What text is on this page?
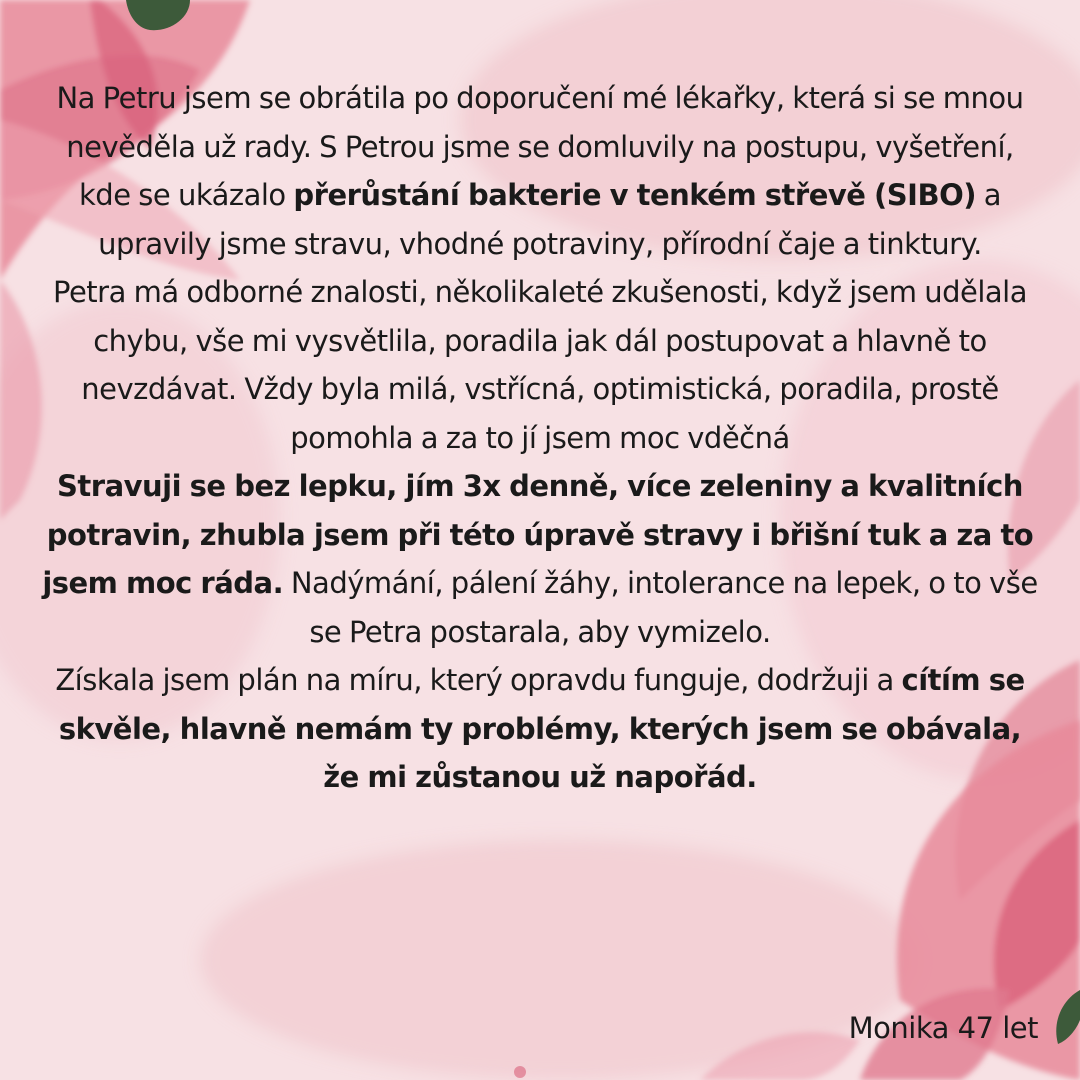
Na Petru jsem se obrátila po doporučení mé lékařky, která si se mnou nevěděla už rady. S Petrou jsme se domluvily na postupu, vyšetření, kde se ukázalo přerůstání bakterie v tenkém střevě (SIBO) a upravily jsme stravu, vhodné potraviny, přírodní čaje a tinktury.

Petra má odborné znalosti, několikaleté zkušenosti, když jsem udělala chybu, vše mi vysvětlila, poradila jak dál postupovat a hlavně to nevzdávat. Vždy byla milá, vstřícná, optimistická, poradila, prostě pomohla a za to jí jsem moc vděčná

Stravuji se bez lepku, jím 3x denně, více zeleniny a kvalitních potravin, zhubla jsem při této úpravě stravy i břišní tuk a za to jsem moc ráda. Nadýmání, pálení žáhy, intolerance na lepek, o to vše se Petra postarala, aby vymizelo.

Získala jsem plán na míru, který opravdu funguje, dodržuji a cítím se skvěle, hlavně nemám ty problémy, kterých jsem se obávala, že mi zůstanou už napořád.

Monika 47 let
